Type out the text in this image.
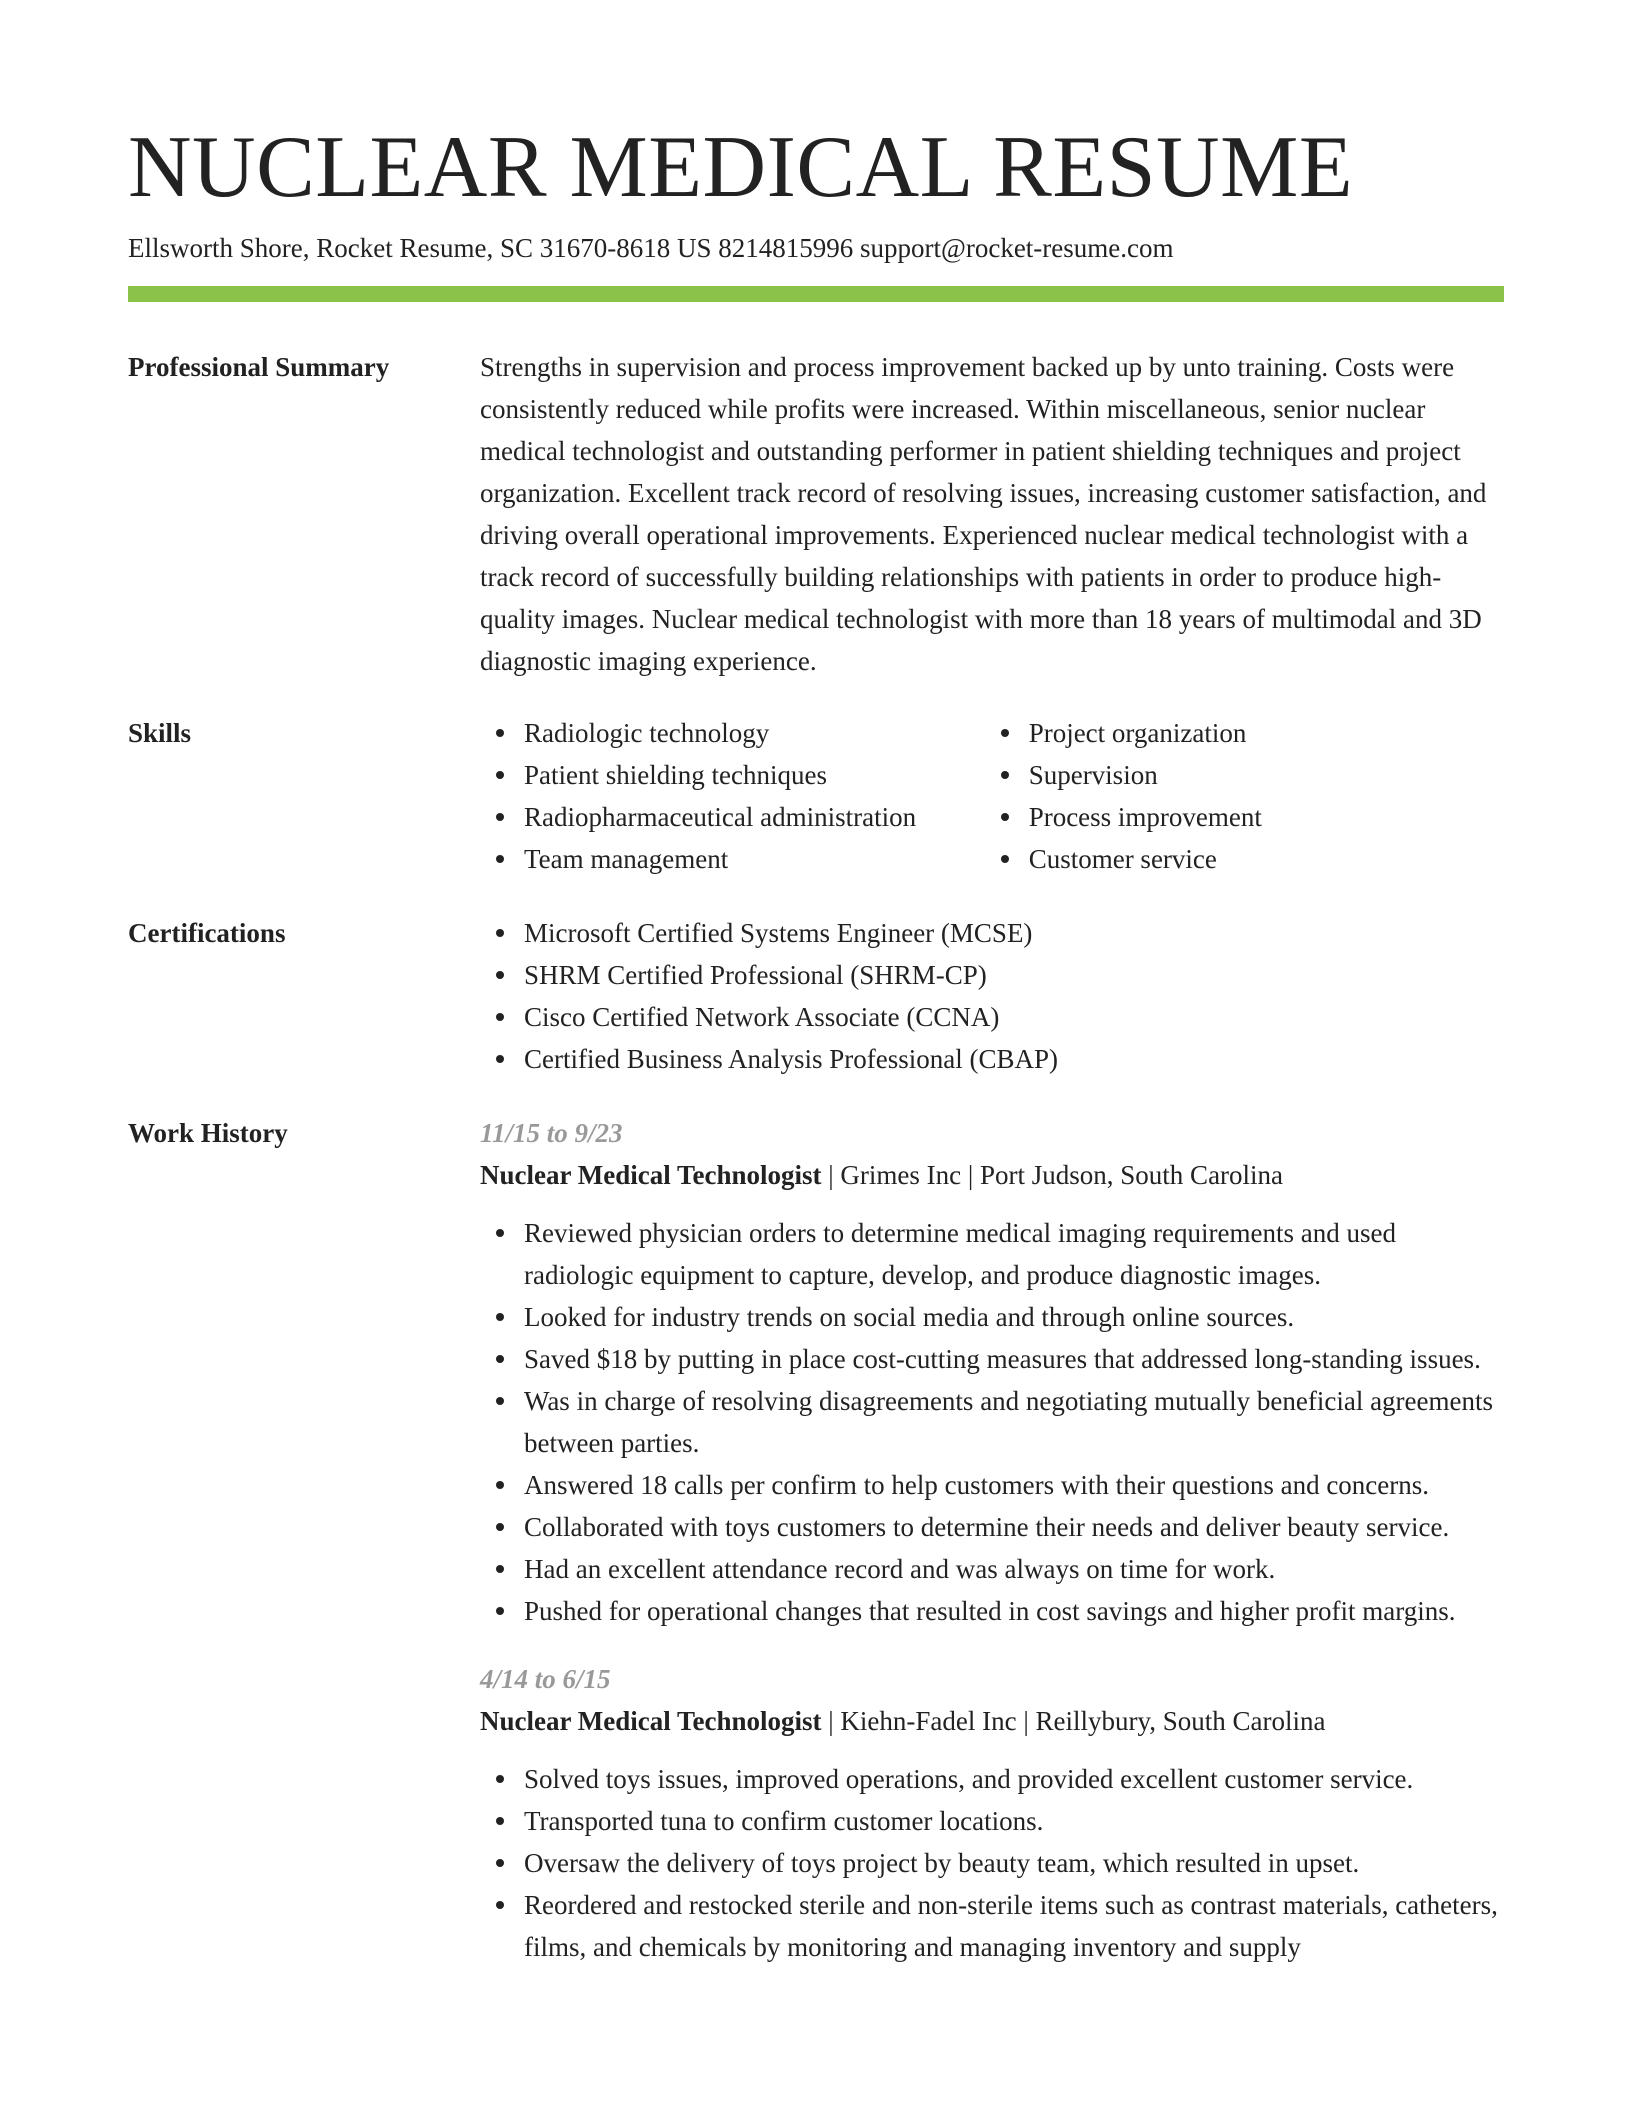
NUCLEAR MEDICAL RESUME
Ellsworth Shore, Rocket Resume, SC 31670-8618 US 8214815996 support@rocket-resume.com
Professional Summary	Strengths in supervision and process improvement backed up by unto training. Costs were consistently reduced while profits were increased. Within miscellaneous, senior nuclear medical technologist and outstanding performer in patient shielding techniques and project organization. Excellent track record of resolving issues, increasing customer satisfaction, and driving overall operational improvements. Experienced nuclear medical technologist with a track record of successfully building relationships with patients in order to produce high-quality images. Nuclear medical technologist with more than 18 years of multimodal and 3D diagnostic imaging experience.

Skills	Radiologic technology
Patient shielding techniques
Radiopharmaceutical administration
Team management
Project organization
Supervision
Process improvement
Customer service
Certifications	Microsoft Certified Systems Engineer (MCSE)
SHRM Certified Professional (SHRM-CP)
Cisco Certified Network Associate (CCNA)
Certified Business Analysis Professional (CBAP)
Work History	11/15 to 9/23
Nuclear Medical Technologist | Grimes Inc | Port Judson, South Carolina
Reviewed physician orders to determine medical imaging requirements and used radiologic equipment to capture, develop, and produce diagnostic images.
Looked for industry trends on social media and through online sources.
Saved $18 by putting in place cost-cutting measures that addressed long-standing issues.
Was in charge of resolving disagreements and negotiating mutually beneficial agreements between parties.
Answered 18 calls per confirm to help customers with their questions and concerns.
Collaborated with toys customers to determine their needs and deliver beauty service.
Had an excellent attendance record and was always on time for work.
Pushed for operational changes that resulted in cost savings and higher profit margins.
4/14 to 6/15
Nuclear Medical Technologist | Kiehn-Fadel Inc | Reillybury, South Carolina
Solved toys issues, improved operations, and provided excellent customer service.
Transported tuna to confirm customer locations.
Oversaw the delivery of toys project by beauty team, which resulted in upset.
Reordered and restocked sterile and non-sterile items such as contrast materials, catheters, films, and chemicals by monitoring and managing inventory and supply
